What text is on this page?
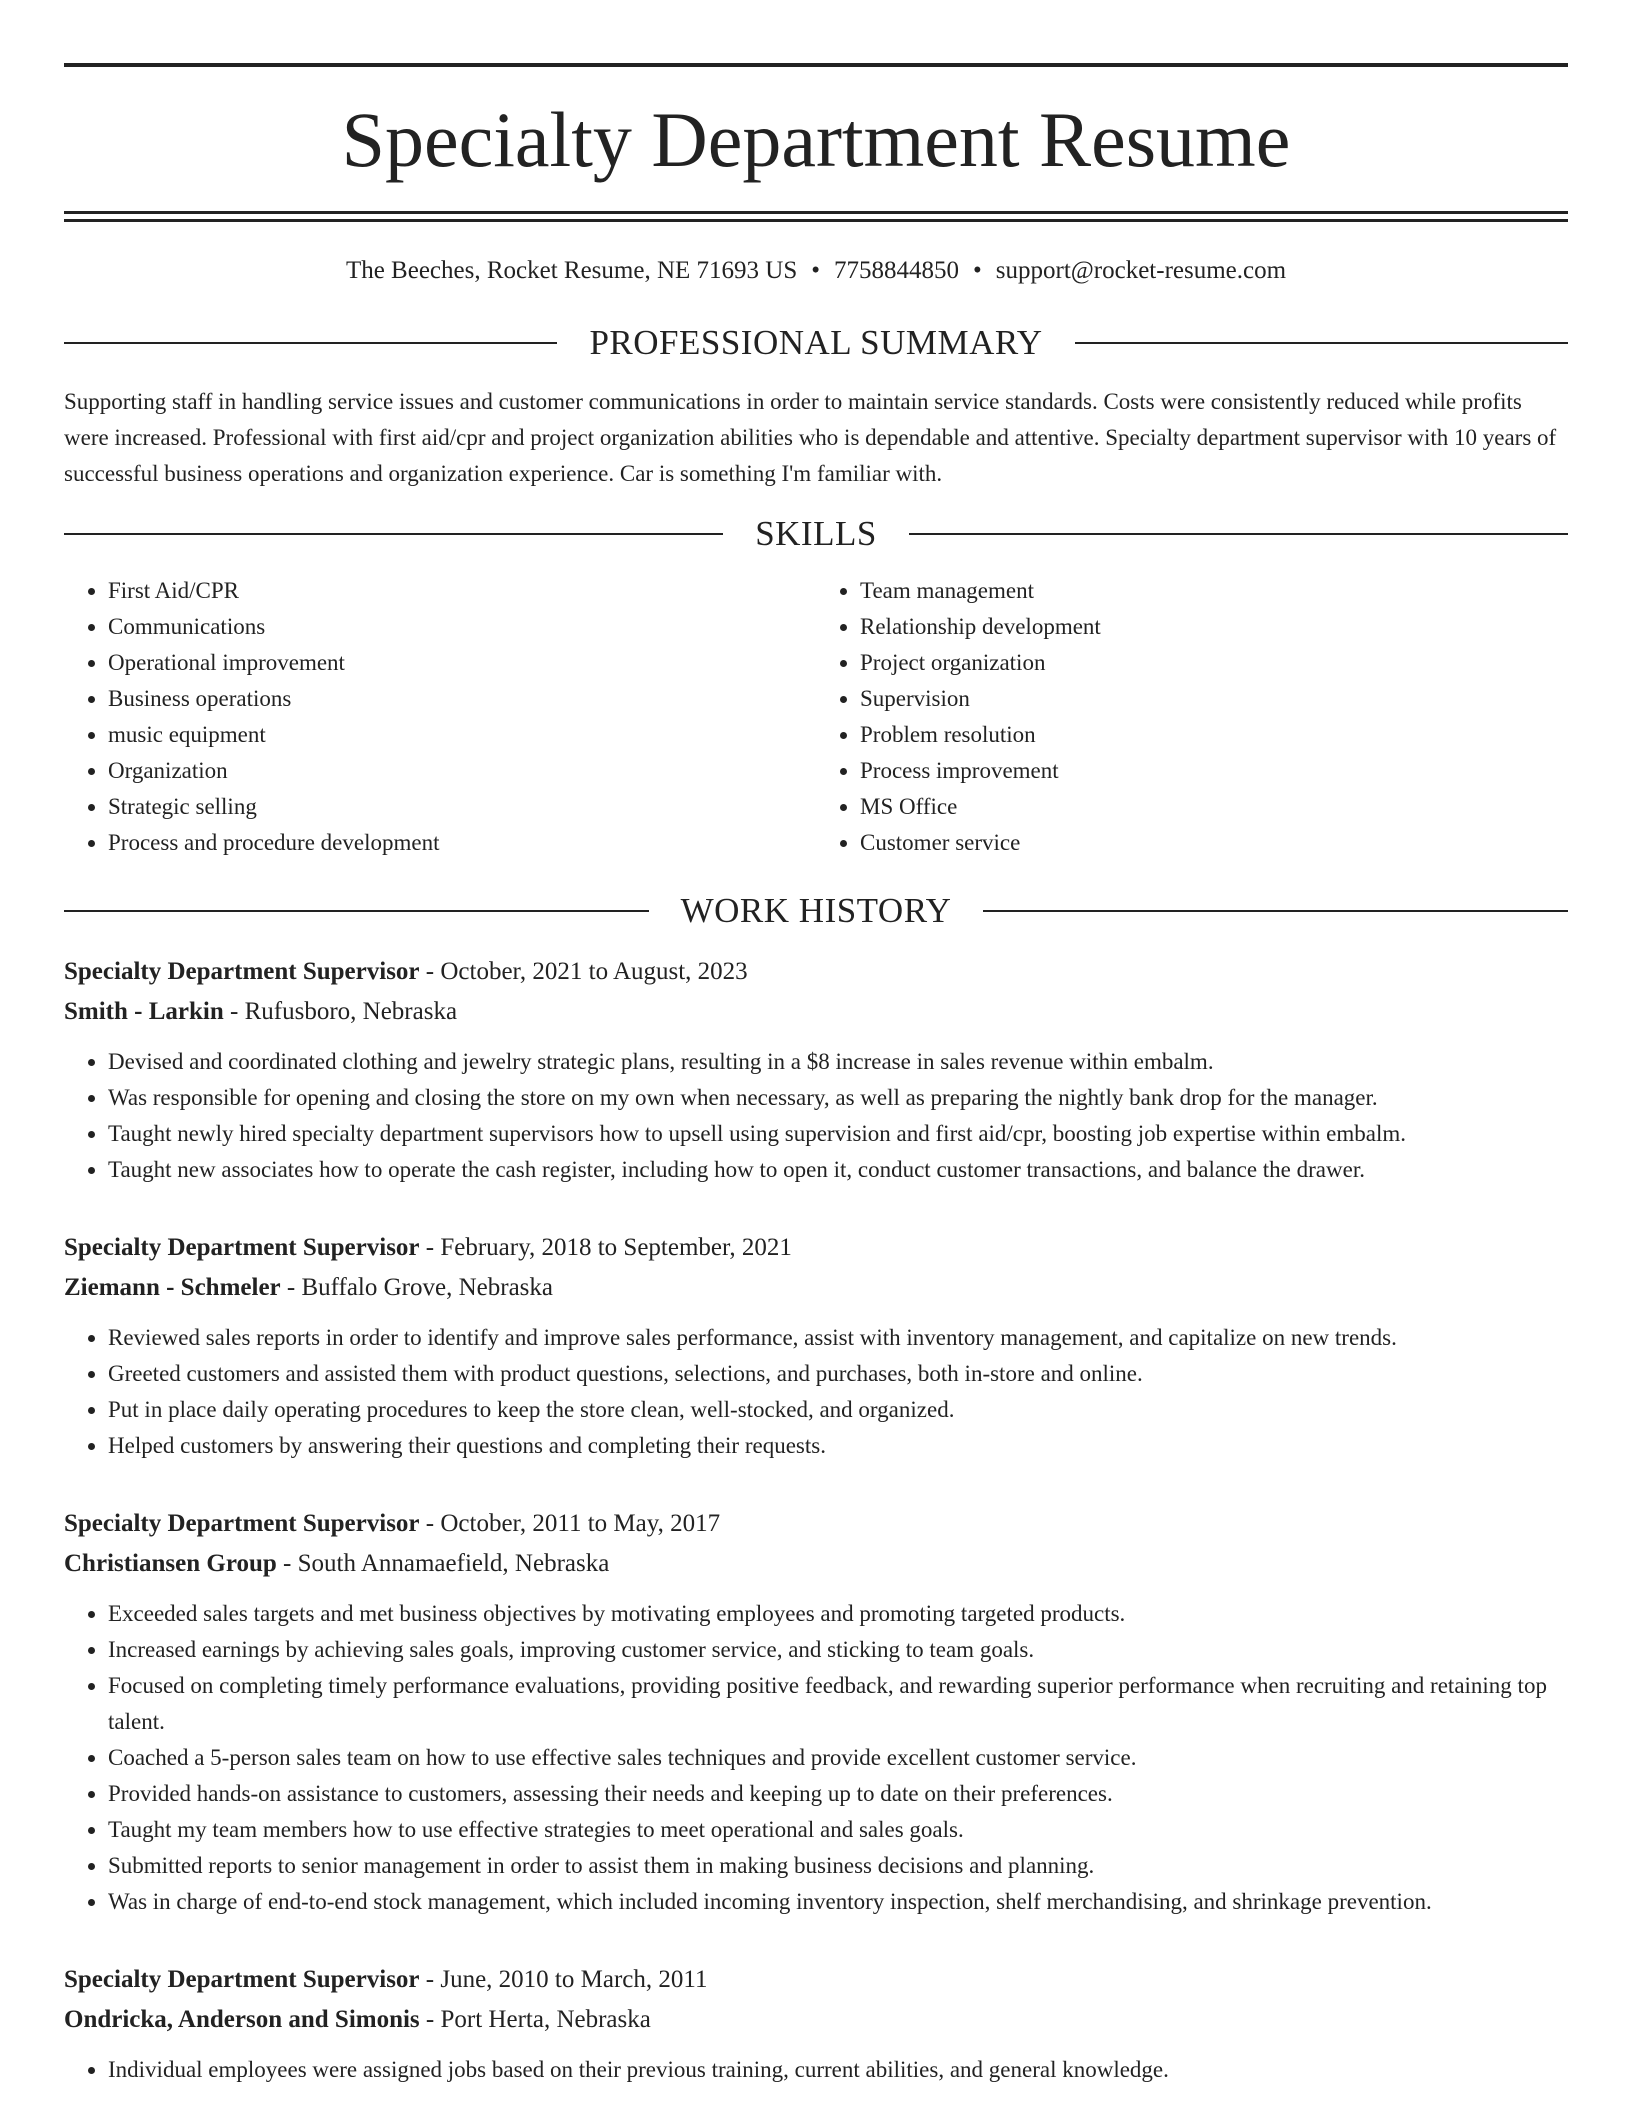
Specialty Department Resume
The Beeches, Rocket Resume, NE 71693 US • 7758844850 • support@rocket-resume.com
PROFESSIONAL SUMMARY

Supporting staff in handling service issues and customer communications in order to maintain service standards. Costs were consistently reduced while profits were increased. Professional with first aid/cpr and project organization abilities who is dependable and attentive. Specialty department supervisor with 10 years of successful business operations and organization experience. Car is something I'm familiar with.

SKILLS
• First Aid/CPR
• Communications
• Operational improvement
• Business operations
• music equipment
• Organization
• Strategic selling
• Process and procedure development
• Team management
• Relationship development
• Project organization
• Supervision
• Problem resolution
• Process improvement
• MS Office
• Customer service
WORK HISTORY
Specialty Department Supervisor - October, 2021 to August, 2023
Smith - Larkin - Rufusboro, Nebraska
• Devised and coordinated clothing and jewelry strategic plans, resulting in a $8 increase in sales revenue within embalm.
• Was responsible for opening and closing the store on my own when necessary, as well as preparing the nightly bank drop for the manager.
• Taught newly hired specialty department supervisors how to upsell using supervision and first aid/cpr, boosting job expertise within embalm.
• Taught new associates how to operate the cash register, including how to open it, conduct customer transactions, and balance the drawer.
Specialty Department Supervisor - February, 2018 to September, 2021
Ziemann - Schmeler - Buffalo Grove, Nebraska
• Reviewed sales reports in order to identify and improve sales performance, assist with inventory management, and capitalize on new trends.
• Greeted customers and assisted them with product questions, selections, and purchases, both in-store and online.
• Put in place daily operating procedures to keep the store clean, well-stocked, and organized.
• Helped customers by answering their questions and completing their requests.
Specialty Department Supervisor - October, 2011 to May, 2017
Christiansen Group - South Annamaefield, Nebraska
• Exceeded sales targets and met business objectives by motivating employees and promoting targeted products.
• Increased earnings by achieving sales goals, improving customer service, and sticking to team goals.
• Focused on completing timely performance evaluations, providing positive feedback, and rewarding superior performance when recruiting and retaining top talent.
• Coached a 5-person sales team on how to use effective sales techniques and provide excellent customer service.
• Provided hands-on assistance to customers, assessing their needs and keeping up to date on their preferences.
• Taught my team members how to use effective strategies to meet operational and sales goals.
• Submitted reports to senior management in order to assist them in making business decisions and planning.
• Was in charge of end-to-end stock management, which included incoming inventory inspection, shelf merchandising, and shrinkage prevention.
Specialty Department Supervisor - June, 2010 to March, 2011
Ondricka, Anderson and Simonis - Port Herta, Nebraska
• Individual employees were assigned jobs based on their previous training, current abilities, and general knowledge.
